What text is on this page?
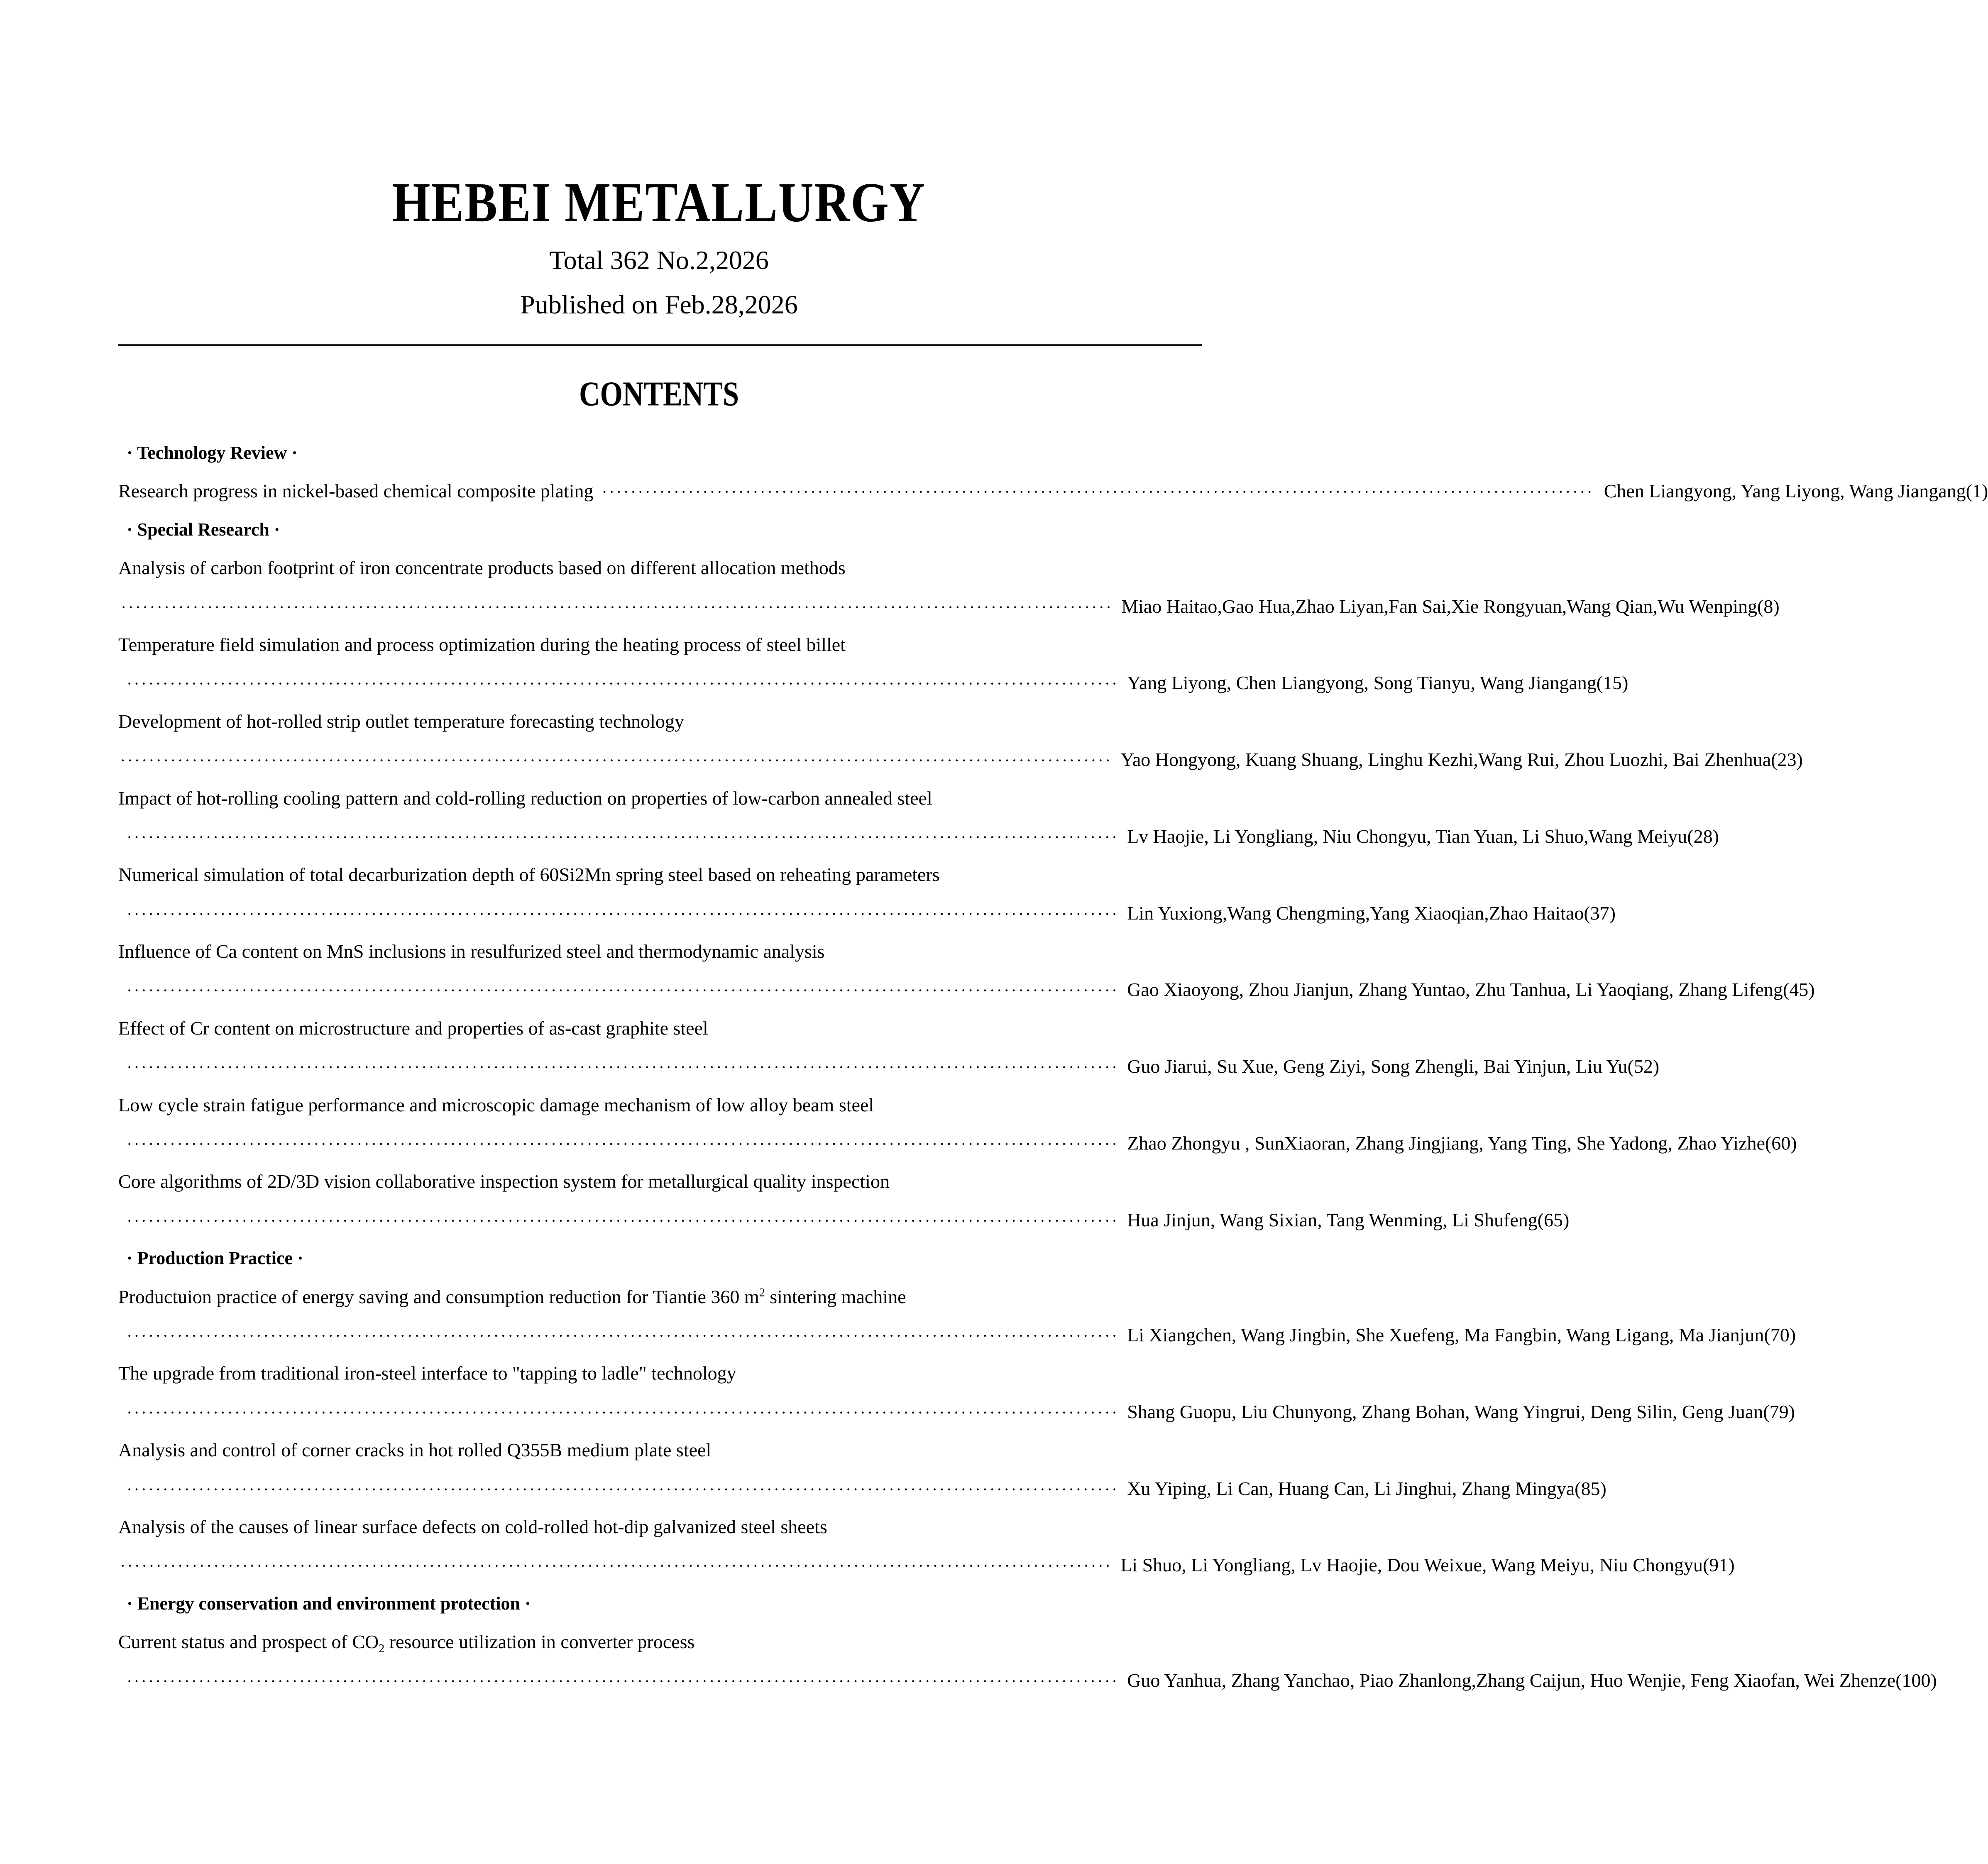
HEBEI METALLURGY
Total 362 No.2,2026
Published on Feb.28,2026
CONTENTS
· Technology Review ·
Research progress in nickel-based chemical composite plating ·········································································································································· Chen Liangyong, Yang Liyong, Wang Jiangang(1)
· Special Research ·
Analysis of carbon footprint of iron concentrate products based on different allocation methods
·········································································································································· Miao Haitao,Gao Hua,Zhao Liyan,Fan Sai,Xie Rongyuan,Wang Qian,Wu Wenping(8)
Temperature field simulation and process optimization during the heating process of steel billet
·········································································································································· Yang Liyong, Chen Liangyong, Song Tianyu, Wang Jiangang(15)
Development of hot-rolled strip outlet temperature forecasting technology
·········································································································································· Yao Hongyong, Kuang Shuang, Linghu Kezhi,Wang Rui, Zhou Luozhi, Bai Zhenhua(23)
Impact of hot-rolling cooling pattern and cold-rolling reduction on properties of low-carbon annealed steel
·········································································································································· Lv Haojie, Li Yongliang, Niu Chongyu, Tian Yuan, Li Shuo,Wang Meiyu(28)
Numerical simulation of total decarburization depth of 60Si2Mn spring steel based on reheating parameters
·········································································································································· Lin Yuxiong,Wang Chengming,Yang Xiaoqian,Zhao Haitao(37)
Influence of Ca content on MnS inclusions in resulfurized steel and thermodynamic analysis
·········································································································································· Gao Xiaoyong, Zhou Jianjun, Zhang Yuntao, Zhu Tanhua, Li Yaoqiang, Zhang Lifeng(45)
Effect of Cr content on microstructure and properties of as-cast graphite steel
·········································································································································· Guo Jiarui, Su Xue, Geng Ziyi, Song Zhengli, Bai Yinjun, Liu Yu(52)
Low cycle strain fatigue performance and microscopic damage mechanism of low alloy beam steel
·········································································································································· Zhao Zhongyu , SunXiaoran, Zhang Jingjiang, Yang Ting, She Yadong, Zhao Yizhe(60)
Core algorithms of 2D/3D vision collaborative inspection system for metallurgical quality inspection
·········································································································································· Hua Jinjun, Wang Sixian, Tang Wenming, Li Shufeng(65)
· Production Practice ·
Productuion practice of energy saving and consumption reduction for Tiantie 360 $m^2$ sintering machine
·········································································································································· Li Xiangchen, Wang Jingbin, She Xuefeng, Ma Fangbin, Wang Ligang, Ma Jianjun(70)
The upgrade from traditional iron-steel interface to "tapping to ladle" technology
·········································································································································· Shang Guopu, Liu Chunyong, Zhang Bohan, Wang Yingrui, Deng Silin, Geng Juan(79)
Analysis and control of corner cracks in hot rolled Q355B medium plate steel
·········································································································································· Xu Yiping, Li Can, Huang Can, Li Jinghui, Zhang Mingya(85)
Analysis of the causes of linear surface defects on cold-rolled hot-dip galvanized steel sheets
·········································································································································· Li Shuo, Li Yongliang, Lv Haojie, Dou Weixue, Wang Meiyu, Niu Chongyu(91)
· Energy conservation and environment protection ·
Current status and prospect of $CO_2$ resource utilization in converter process
·········································································································································· Guo Yanhua, Zhang Yanchao, Piao Zhanlong,Zhang Caijun, Huo Wenjie, Feng Xiaofan, Wei Zhenze(100)
